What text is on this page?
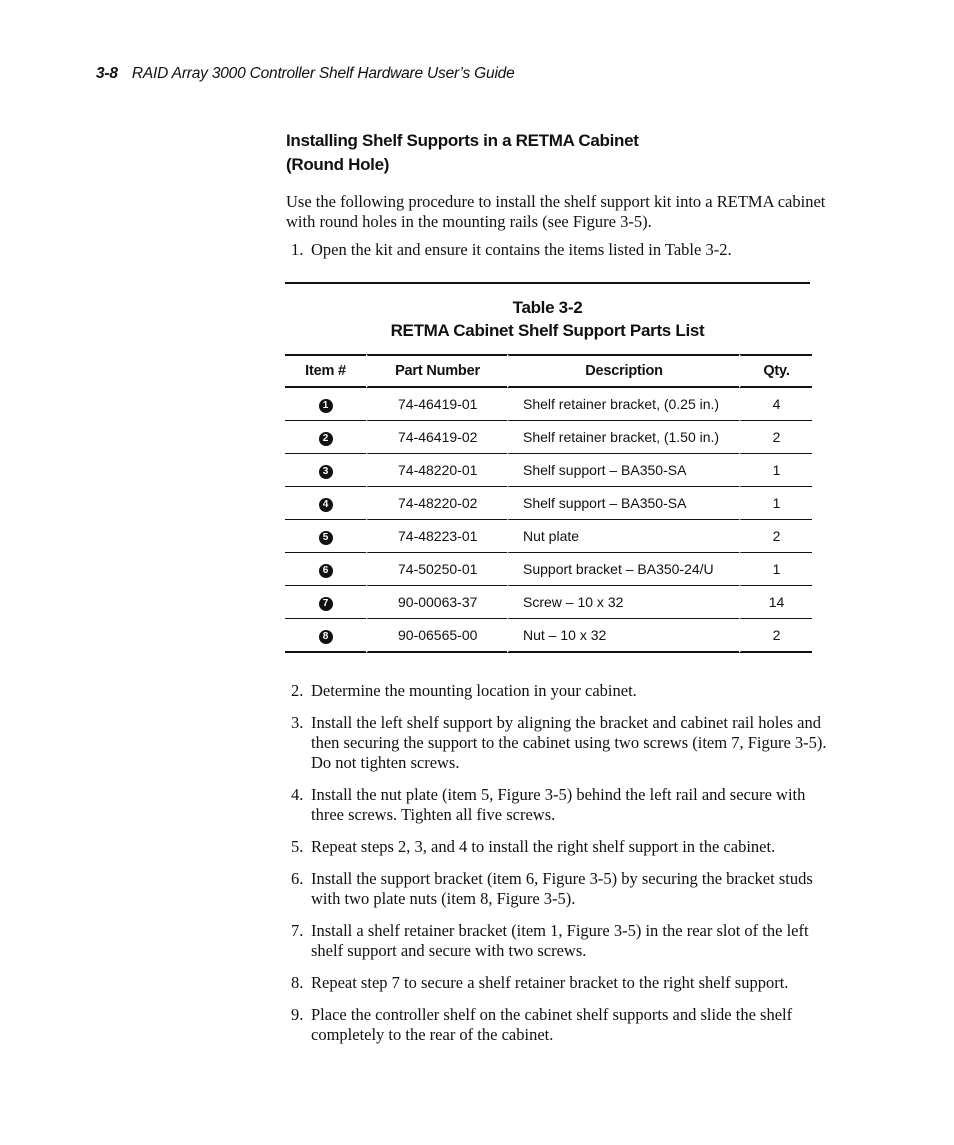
3-8 RAID Array 3000 Controller Shelf Hardware User’s Guide
Installing Shelf Supports in a RETMA Cabinet
(Round Hole)
Use the following procedure to install the shelf support kit into a RETMA cabinet with round holes in the mounting rails (see Figure 3-5).
1. Open the kit and ensure it contains the items listed in Table 3-2.
Table 3-2
RETMA Cabinet Shelf Support Parts List
Item #	Part Number	Description	Qty.
1	74-46419-01	Shelf retainer bracket, (0.25 in.)	4
2	74-46419-02	Shelf retainer bracket, (1.50 in.)	2
3	74-48220-01	Shelf support – BA350-SA	1
4	74-48220-02	Shelf support – BA350-SA	1
5	74-48223-01	Nut plate	2
6	74-50250-01	Support bracket – BA350-24/U	1
7	90-00063-37	Screw – 10 x 32	14
8	90-06565-00	Nut – 10 x 32	2
2. Determine the mounting location in your cabinet.
3. Install the left shelf support by aligning the bracket and cabinet rail holes and then securing the support to the cabinet using two screws (item 7, Figure 3-5). Do not tighten screws.
4. Install the nut plate (item 5, Figure 3-5) behind the left rail and secure with three screws. Tighten all five screws.
5. Repeat steps 2, 3, and 4 to install the right shelf support in the cabinet.
6. Install the support bracket (item 6, Figure 3-5) by securing the bracket studs with two plate nuts (item 8, Figure 3-5).
7. Install a shelf retainer bracket (item 1, Figure 3-5) in the rear slot of the left shelf support and secure with two screws.
8. Repeat step 7 to secure a shelf retainer bracket to the right shelf support.
9. Place the controller shelf on the cabinet shelf supports and slide the shelf completely to the rear of the cabinet.
